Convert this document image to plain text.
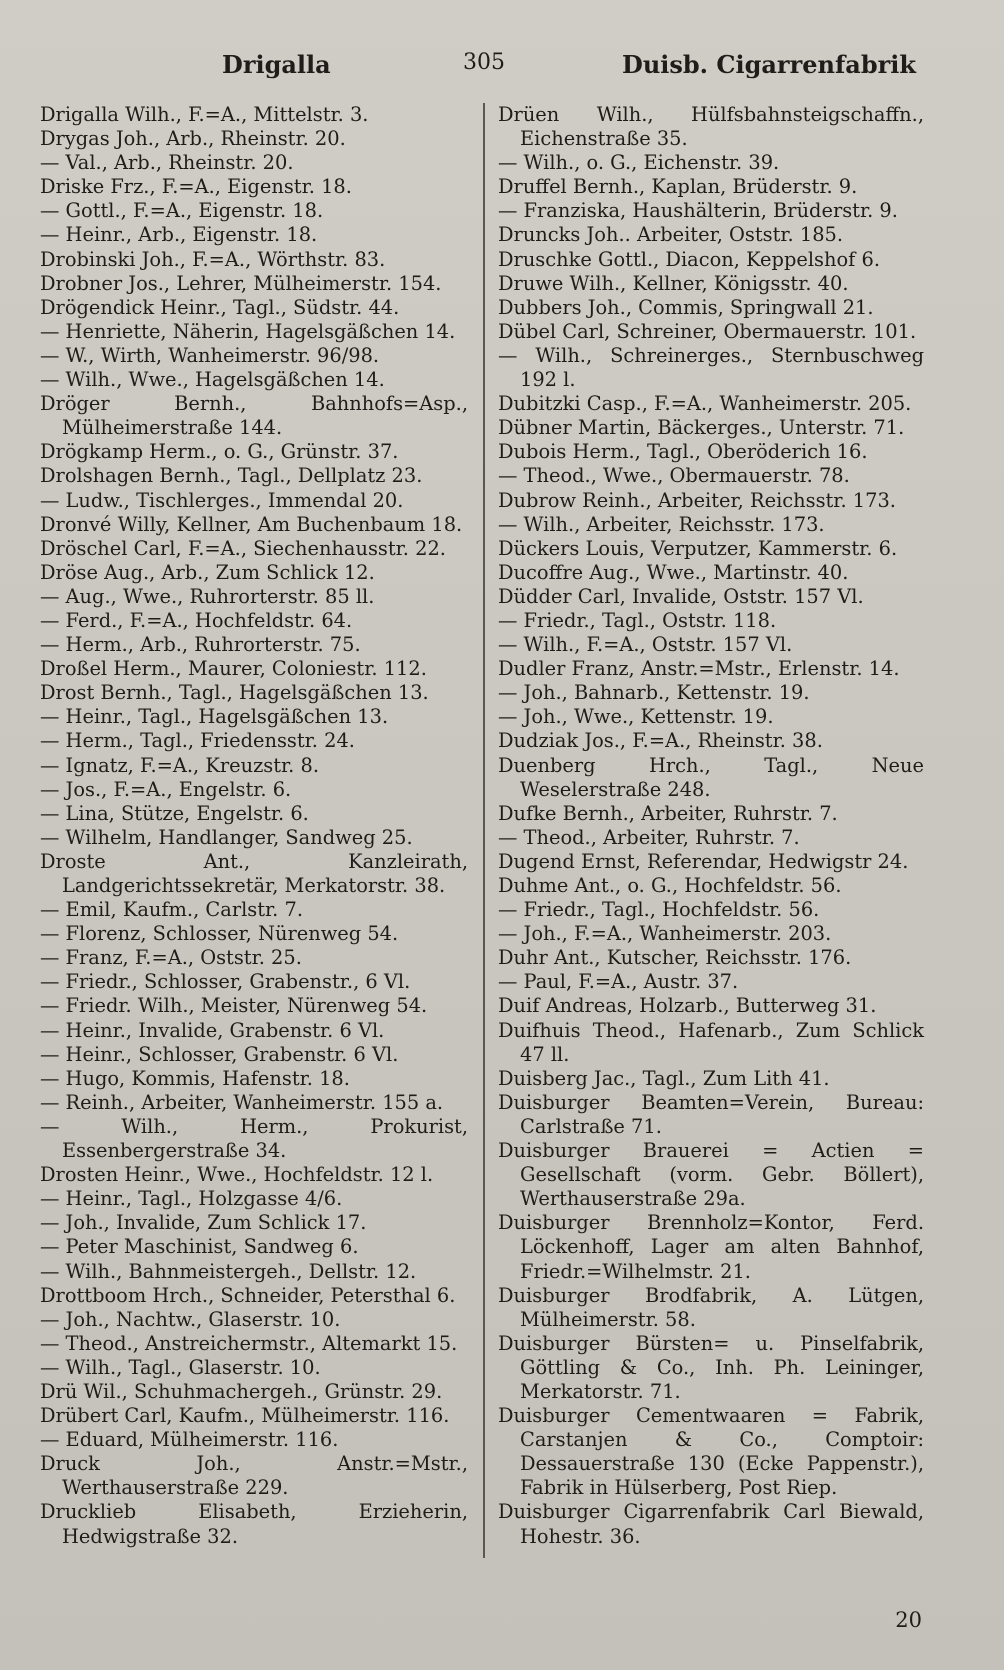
Drigalla	305	Duisb. Cigarrenfabrik

Drigalla Wilh., F.=A., Mittelstr. 3.

Drygas Joh., Arb., Rheinstr. 20.

— Val., Arb., Rheinstr. 20.

Driske Frz., F.=A., Eigenstr. 18.

— Gottl., F.=A., Eigenstr. 18.

— Heinr., Arb., Eigenstr. 18.

Drobinski Joh., F.=A., Wörthstr. 83.

Drobner Jos., Lehrer, Mülheimerstr. 154.

Drögendick Heinr., Tagl., Südstr. 44.

— Henriette, Näherin, Hagelsgäßchen 14.

— W., Wirth, Wanheimerstr. 96/98.

— Wilh., Wwe., Hagelsgäßchen 14.

Dröger Bernh., Bahnhofs=Asp., Mülheimerstraße 144.

Drögkamp Herm., o. G., Grünstr. 37.

Drolshagen Bernh., Tagl., Dellplatz 23.

— Ludw., Tischlerges., Immendal 20.

Dronvé Willy, Kellner, Am Buchenbaum 18.

Dröschel Carl, F.=A., Siechenhausstr. 22.

Dröse Aug., Arb., Zum Schlick 12.

— Aug., Wwe., Ruhrorterstr. 85 ll.

— Ferd., F.=A., Hochfeldstr. 64.

— Herm., Arb., Ruhrorterstr. 75.

Droßel Herm., Maurer, Coloniestr. 112.

Drost Bernh., Tagl., Hagelsgäßchen 13.

— Heinr., Tagl., Hagelsgäßchen 13.

— Herm., Tagl., Friedensstr. 24.

— Ignatz, F.=A., Kreuzstr. 8.

— Jos., F.=A., Engelstr. 6.

— Lina, Stütze, Engelstr. 6.

— Wilhelm, Handlanger, Sandweg 25.

Droste Ant., Kanzleirath, Landgerichtssekretär, Merkatorstr. 38.

— Emil, Kaufm., Carlstr. 7.

— Florenz, Schlosser, Nürenweg 54.

— Franz, F.=A., Oststr. 25.

— Friedr., Schlosser, Grabenstr., 6 Vl.

— Friedr. Wilh., Meister, Nürenweg 54.

— Heinr., Invalide, Grabenstr. 6 Vl.

— Heinr., Schlosser, Grabenstr. 6 Vl.

— Hugo, Kommis, Hafenstr. 18.

— Reinh., Arbeiter, Wanheimerstr. 155 a.

— Wilh., Herm., Prokurist, Essenbergerstraße 34.

Drosten Heinr., Wwe., Hochfeldstr. 12 l.

— Heinr., Tagl., Holzgasse 4/6.

— Joh., Invalide, Zum Schlick 17.

— Peter Maschinist, Sandweg 6.

— Wilh., Bahnmeistergeh., Dellstr. 12.

Drottboom Hrch., Schneider, Petersthal 6.

— Joh., Nachtw., Glaserstr. 10.

— Theod., Anstreichermstr., Altemarkt 15.

— Wilh., Tagl., Glaserstr. 10.

Drü Wil., Schuhmachergeh., Grünstr. 29.

Drübert Carl, Kaufm., Mülheimerstr. 116.

— Eduard, Mülheimerstr. 116.

Druck Joh., Anstr.=Mstr., Werthauserstraße 229.

Drucklieb Elisabeth, Erzieherin, Hedwigstraße 32.

Drüen Wilh., Hülfsbahnsteigschaffn., Eichenstraße 35.

— Wilh., o. G., Eichenstr. 39.

Druffel Bernh., Kaplan, Brüderstr. 9.

— Franziska, Haushälterin, Brüderstr. 9.

Druncks Joh.. Arbeiter, Oststr. 185.

Druschke Gottl., Diacon, Keppelshof 6.

Druwe Wilh., Kellner, Königsstr. 40.

Dubbers Joh., Commis, Springwall 21.

Dübel Carl, Schreiner, Obermauerstr. 101.

— Wilh., Schreinerges., Sternbuschweg 192 l.

Dubitzki Casp., F.=A., Wanheimerstr. 205.

Dübner Martin, Bäckerges., Unterstr. 71.

Dubois Herm., Tagl., Oberöderich 16.

— Theod., Wwe., Obermauerstr. 78.

Dubrow Reinh., Arbeiter, Reichsstr. 173.

— Wilh., Arbeiter, Reichsstr. 173.

Dückers Louis, Verputzer, Kammerstr. 6.

Ducoffre Aug., Wwe., Martinstr. 40.

Düdder Carl, Invalide, Oststr. 157 Vl.

— Friedr., Tagl., Oststr. 118.

— Wilh., F.=A., Oststr. 157 Vl.

Dudler Franz, Anstr.=Mstr., Erlenstr. 14.

— Joh., Bahnarb., Kettenstr. 19.

— Joh., Wwe., Kettenstr. 19.

Dudziak Jos., F.=A., Rheinstr. 38.

Duenberg Hrch., Tagl., Neue Weselerstraße 248.

Dufke Bernh., Arbeiter, Ruhrstr. 7.

— Theod., Arbeiter, Ruhrstr. 7.

Dugend Ernst, Referendar, Hedwigstr 24.

Duhme Ant., o. G., Hochfeldstr. 56.

— Friedr., Tagl., Hochfeldstr. 56.

— Joh., F.=A., Wanheimerstr. 203.

Duhr Ant., Kutscher, Reichsstr. 176.

— Paul, F.=A., Austr. 37.

Duif Andreas, Holzarb., Butterweg 31.

Duifhuis Theod., Hafenarb., Zum Schlick 47 ll.

Duisberg Jac., Tagl., Zum Lith 41.

Duisburger Beamten=Verein, Bureau: Carlstraße 71.

Duisburger Brauerei = Actien = Gesellschaft (vorm. Gebr. Böllert), Werthauserstraße 29a.

Duisburger Brennholz=Kontor, Ferd. Löckenhoff, Lager am alten Bahnhof, Friedr.=Wilhelmstr. 21.

Duisburger Brodfabrik, A. Lütgen, Mülheimerstr. 58.

Duisburger Bürsten= u. Pinselfabrik, Göttling & Co., Inh. Ph. Leininger, Merkatorstr. 71.

Duisburger Cementwaaren = Fabrik, Carstanjen & Co., Comptoir: Dessauerstraße 130 (Ecke Pappenstr.), Fabrik in Hülserberg, Post Riep.

Duisburger Cigarrenfabrik Carl Biewald, Hohestr. 36.

20
